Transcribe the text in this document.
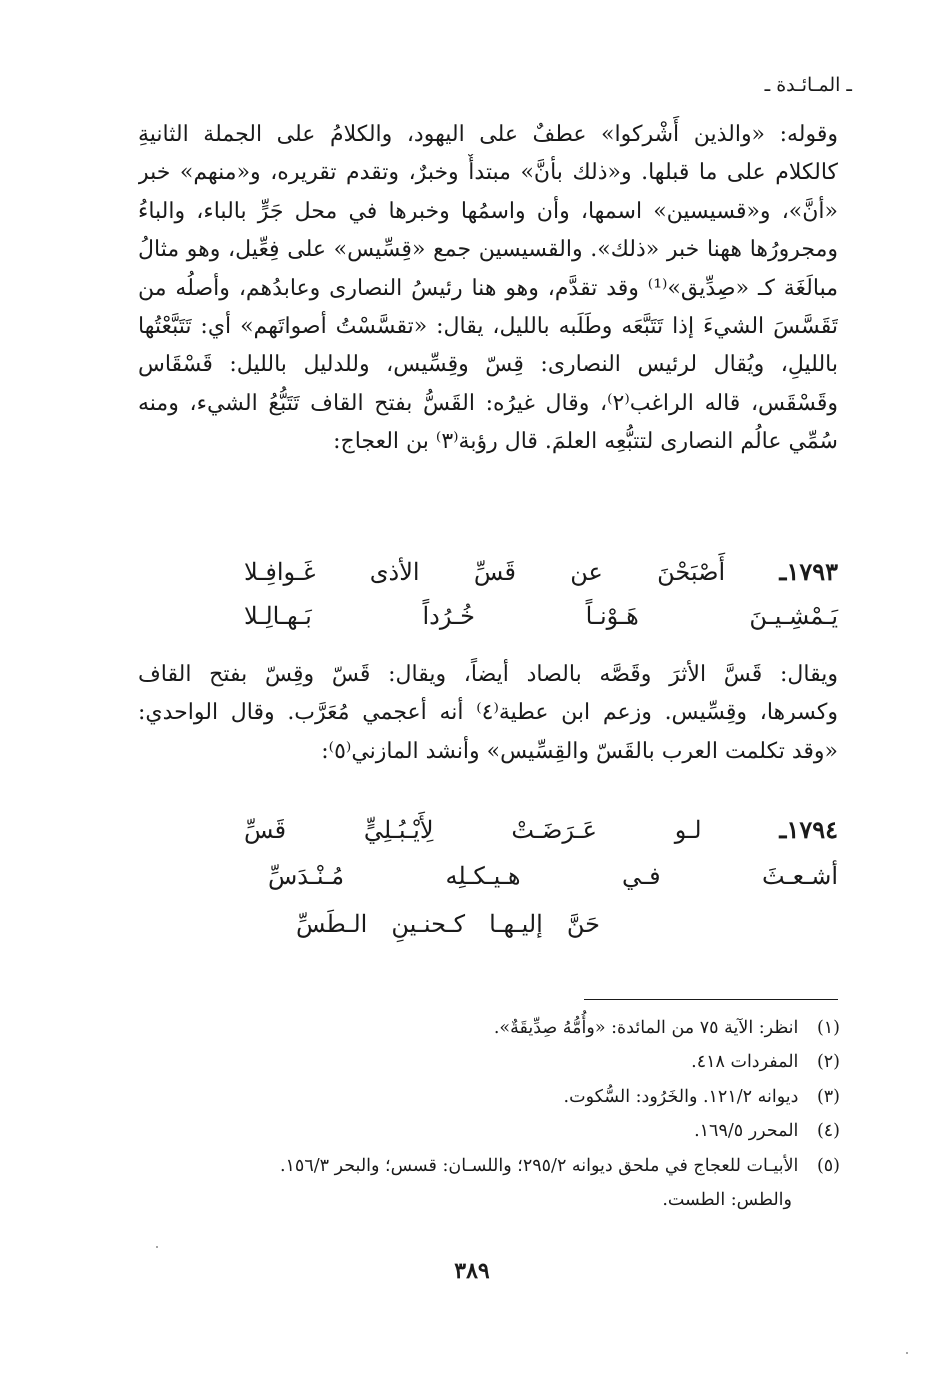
ـ المـائـدة ـ
وقوله: «والذين أَشْركوا» عطفٌ على اليهود، والكلامُ على الجملة الثانيةِ
كالكلام على ما قبلها. و«ذلك بأنَّ» مبتدأٌ وخبرٌ، وتقدم تقريره، و«منهم» خبر
«أنَّ»، و«قسيسين» اسمها، وأن واسمُها وخبرها في محل جَرٍّ بالباء، والباءُ
ومجرورُها ههنا خبر «ذلك». والقسيسين جمع «قِسِّيس» على فِعِّيل، وهو مثالُ
مبالَغَة كـ «صِدِّيق»⁽¹⁾ وقد تقدَّم، وهو هنا رئيسُ النصارى وعابدُهم، وأصلُه من
تَقَسَّسَ الشيءَ إذا تَتَبَّعَه وطَلَبه بالليل، يقال: «تقسَّسْتُ أصواتَهم» أي: تَتَبَّعْتُها
بالليلِ، ويُقال لرئيس النصارى: قِسّ وقِسِّيس، وللدليل بالليل: قَسْقَاس
وقَسْقَس، قاله الراغب⁽٢⁾، وقال غيرُه: القَسُّ بفتح القاف تَتَبُّعُ الشيء، ومنه
سُمِّي عالُم النصارى لتتبُّعِه العلمَ. قال رؤبة⁽٣⁾ بن العجاج:
١٧٩٣ـ أَصْبَحْنَ عن قَسِّ الأذى غَـوافِـلا
يَـمْشِـيـنَ هَـوْنـاً خُـرُداً بَـهـالِـلا
ويقال: قَسَّ الأثرَ وقَصَّه بالصاد أيضاً، ويقال: قَسّ وقِسّ بفتح القاف
وكسرها، وقِسِّيس. وزعم ابن عطية⁽٤⁾ أنه أعجمي مُعَرَّب. وقال الواحدي:
«وقد تكلمت العرب بالقَسّ والقِسِّيس» وأنشد المازني⁽٥⁾:
١٧٩٤ـ لـو عَـرَضَـتْ لِأَيْـبُـلِيٍّ قَسِّ
أشـعـثَ فـي هـيـكـلِه مُـنْـدَسِّ
حَنَّ إليـهـا كـحنـينِ الـطَسِّ
(١) انظر: الآية ٧٥ من المائدة: «وأُمُّهُ صِدِّيقَةٌ».
(٢) المفردات ٤١٨.
(٣) ديوانه ١٢١/٢. والخَرُود: السُّكوت.
(٤) المحرر ١٦٩/٥.
(٥) الأبيـات للعجاج في ملحق ديوانه ٢٩٥/٢؛ واللسـان: قسس؛ والبحر ١٥٦/٣.
والطس: الطست.
٣٨٩
